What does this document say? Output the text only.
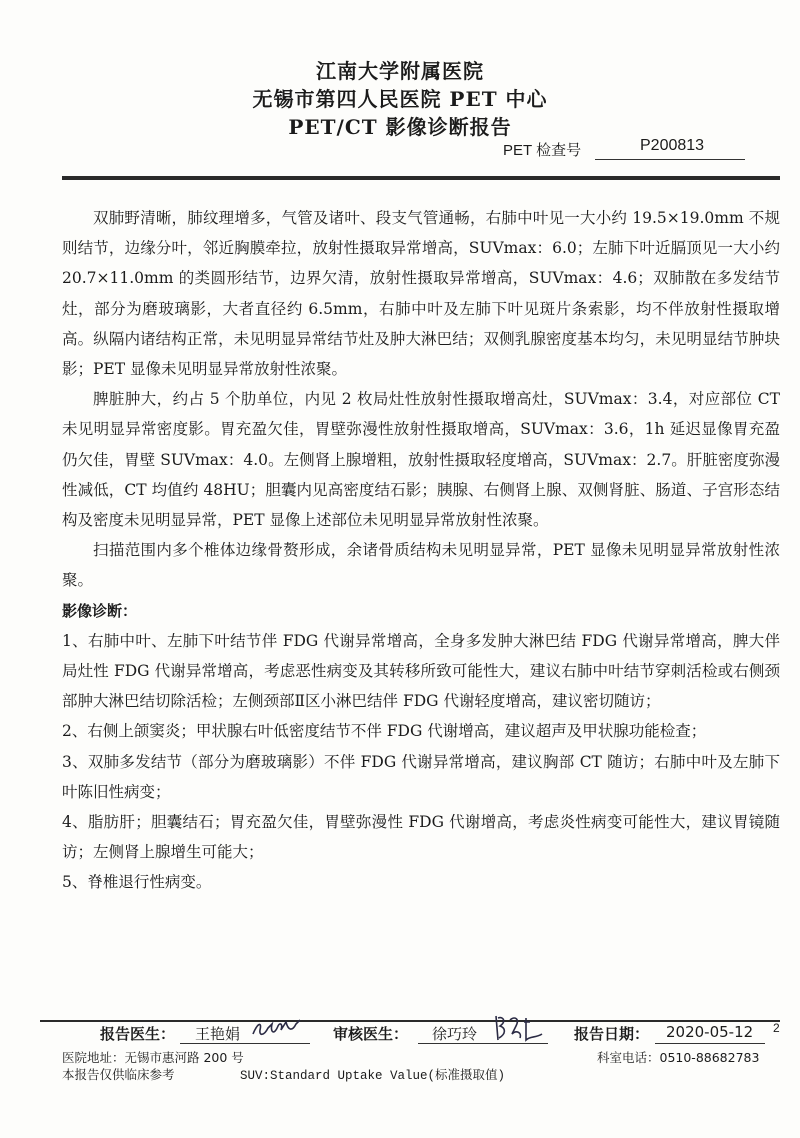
江南大学附属医院
无锡市第四人民医院 PET 中心
PET/CT 影像诊断报告
PET 检查号	P200813

双肺野清晰，肺纹理增多，气管及诸叶、段支气管通畅，右肺中叶见一大小约 19.5×19.0mm 不规则结节，边缘分叶，邻近胸膜牵拉，放射性摄取异常增高，SUVmax：6.0；左肺下叶近膈顶见一大小约 20.7×11.0mm 的类圆形结节，边界欠清，放射性摄取异常增高，SUVmax：4.6；双肺散在多发结节灶，部分为磨玻璃影，大者直径约 6.5mm，右肺中叶及左肺下叶见斑片条索影，均不伴放射性摄取增高。纵隔内诸结构正常，未见明显异常结节灶及肿大淋巴结；双侧乳腺密度基本均匀，未见明显结节肿块影；PET 显像未见明显异常放射性浓聚。

脾脏肿大，约占 5 个肋单位，内见 2 枚局灶性放射性摄取增高灶，SUVmax：3.4，对应部位 CT 未见明显异常密度影。胃充盈欠佳，胃壁弥漫性放射性摄取增高，SUVmax：3.6，1h 延迟显像胃充盈仍欠佳，胃壁 SUVmax：4.0。左侧肾上腺增粗，放射性摄取轻度增高，SUVmax：2.7。肝脏密度弥漫性减低，CT 均值约 48HU；胆囊内见高密度结石影；胰腺、右侧肾上腺、双侧肾脏、肠道、子宫形态结构及密度未见明显异常，PET 显像上述部位未见明显异常放射性浓聚。

扫描范围内多个椎体边缘骨赘形成，余诸骨质结构未见明显异常，PET 显像未见明显异常放射性浓聚。

影像诊断：

1、右肺中叶、左肺下叶结节伴 FDG 代谢异常增高，全身多发肿大淋巴结 FDG 代谢异常增高，脾大伴局灶性 FDG 代谢异常增高，考虑恶性病变及其转移所致可能性大，建议右肺中叶结节穿刺活检或右侧颈部肿大淋巴结切除活检；左侧颈部Ⅱ区小淋巴结伴 FDG 代谢轻度增高，建议密切随访；

2、右侧上颌窦炎；甲状腺右叶低密度结节不伴 FDG 代谢增高，建议超声及甲状腺功能检查；

3、双肺多发结节（部分为磨玻璃影）不伴 FDG 代谢异常增高，建议胸部 CT 随访；右肺中叶及左肺下叶陈旧性病变；

4、脂肪肝；胆囊结石；胃充盈欠佳，胃壁弥漫性 FDG 代谢增高，考虑炎性病变可能性大，建议胃镜随访；左侧肾上腺增生可能大；

5、脊椎退行性病变。

报告医生： 王艳娟	审核医生： 徐巧玲	报告日期： 2020-05-12 2
医院地址：无锡市惠河路 200 号	科室电话：0510-88682783
本报告仅供临床参考	SUV:Standard Uptake Value(标准摄取值)
